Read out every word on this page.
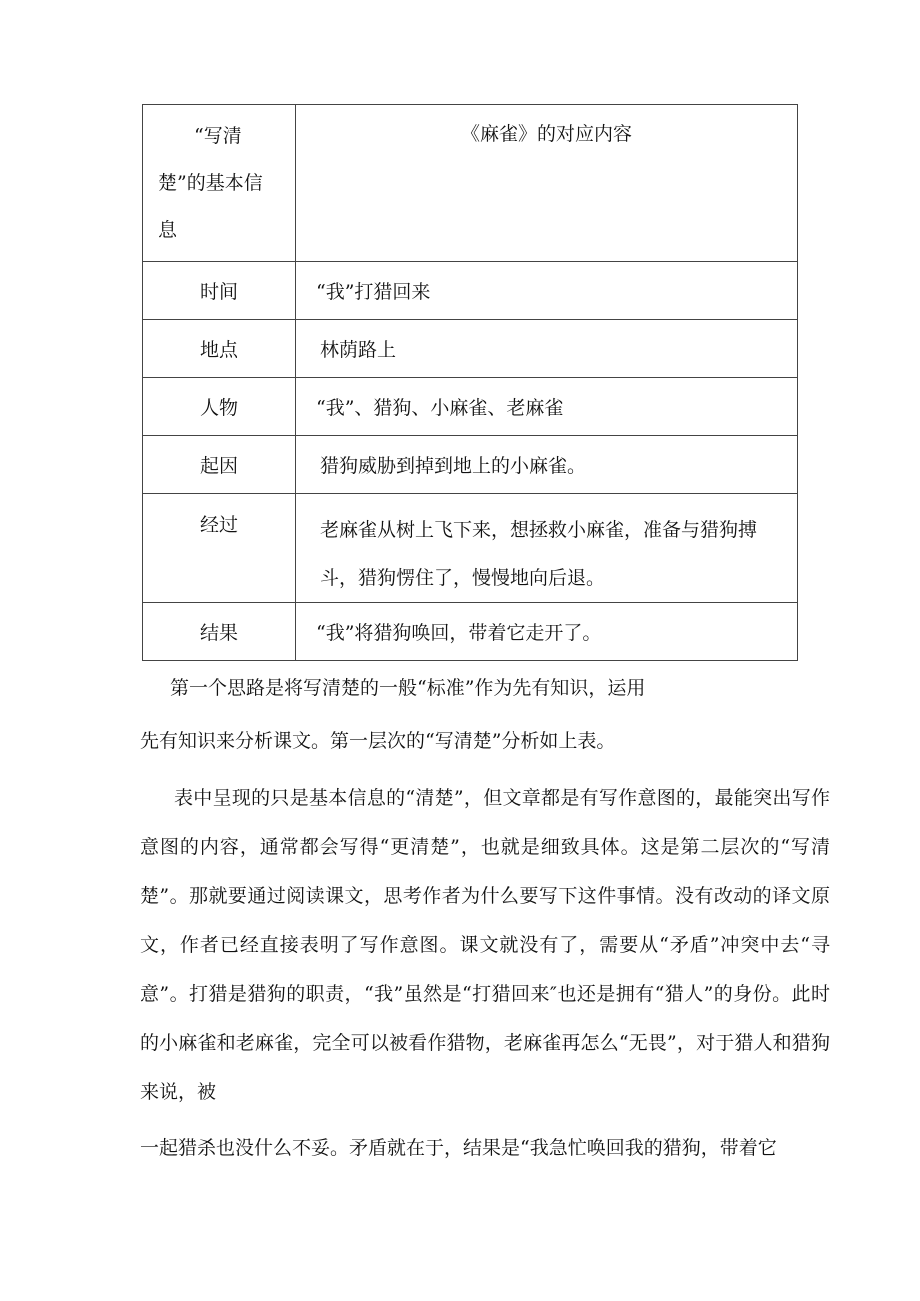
“写清楚”的基本信息	《麻雀》的对应内容
时间	“我”打猎回来
地点	林荫路上
人物	“我”、猎狗、小麻雀、老麻雀
起因	猎狗威胁到掉到地上的小麻雀。
经过	老麻雀从树上飞下来，想拯救小麻雀，准备与猎狗搏斗，猎狗愣住了，慢慢地向后退。
结果	“我”将猎狗唤回，带着它走开了。

第一个思路是将写清楚的一般“标准”作为先有知识，运用

先有知识来分析课文。第一层次的“写清楚”分析如上表。

表中呈现的只是基本信息的“清楚”，但文章都是有写作意图的，最能突出写作意图的内容，通常都会写得“更清楚”，也就是细致具体。这是第二层次的“写清楚”。那就要通过阅读课文，思考作者为什么要写下这件事情。没有改动的译文原文，作者已经直接表明了写作意图。课文就没有了，需要从“矛盾”冲突中去“寻意”。打猎是猎狗的职责，“我”虽然是“打猎回来″也还是拥有“猎人”的身份。此时的小麻雀和老麻雀，完全可以被看作猎物，老麻雀再怎么“无畏”，对于猎人和猎狗来说，被

一起猎杀也没什么不妥。矛盾就在于，结果是“我急忙唤回我的猎狗，带着它
